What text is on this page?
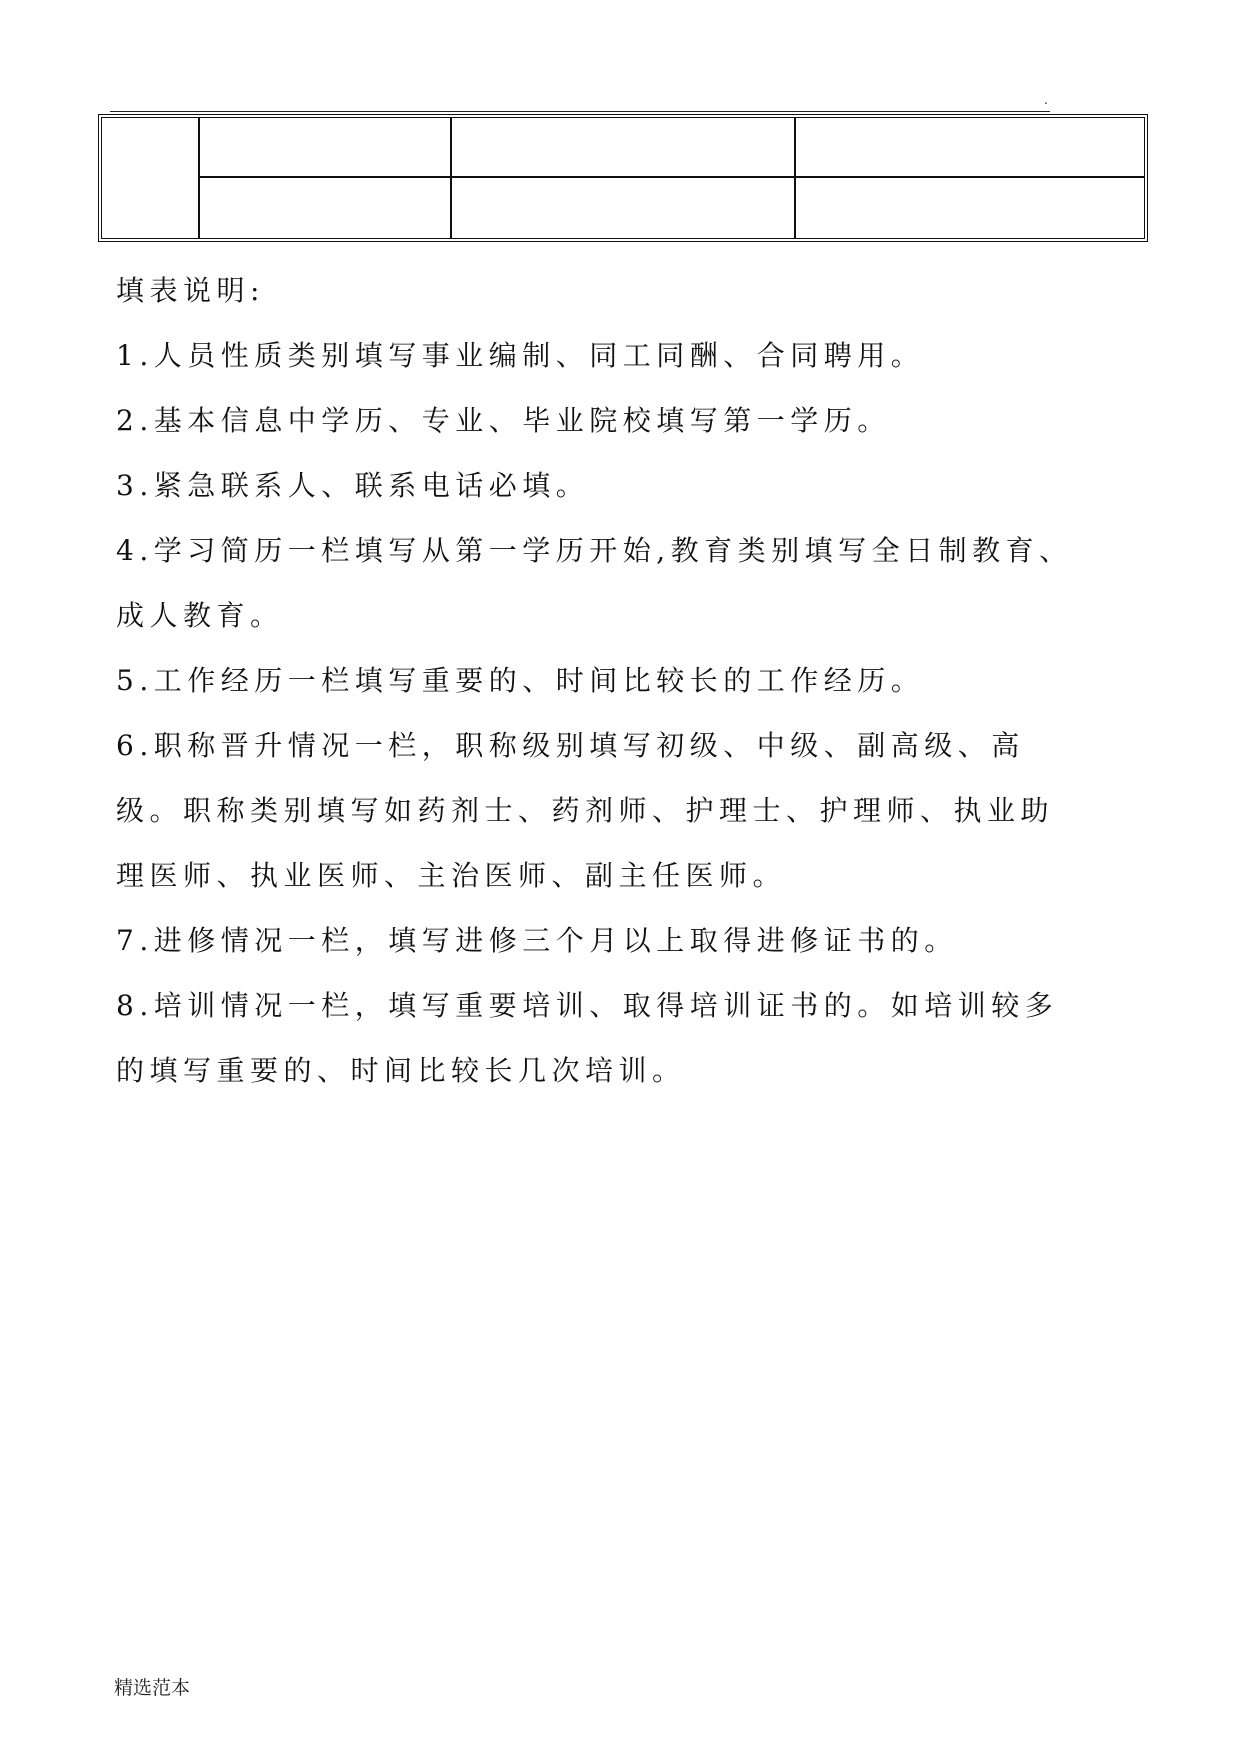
.

填表说明:

1.人员性质类别填写事业编制、同工同酬、合同聘用。

2.基本信息中学历、专业、毕业院校填写第一学历。

3.紧急联系人、联系电话必填。

4.学习简历一栏填写从第一学历开始,教育类别填写全日制教育、成人教育。

5.工作经历一栏填写重要的、时间比较长的工作经历。

6.职称晋升情况一栏，职称级别填写初级、中级、副高级、高级。职称类别填写如药剂士、药剂师、护理士、护理师、执业助理医师、执业医师、主治医师、副主任医师。

7.进修情况一栏，填写进修三个月以上取得进修证书的。

8.培训情况一栏，填写重要培训、取得培训证书的。如培训较多的填写重要的、时间比较长几次培训。

精选范本
